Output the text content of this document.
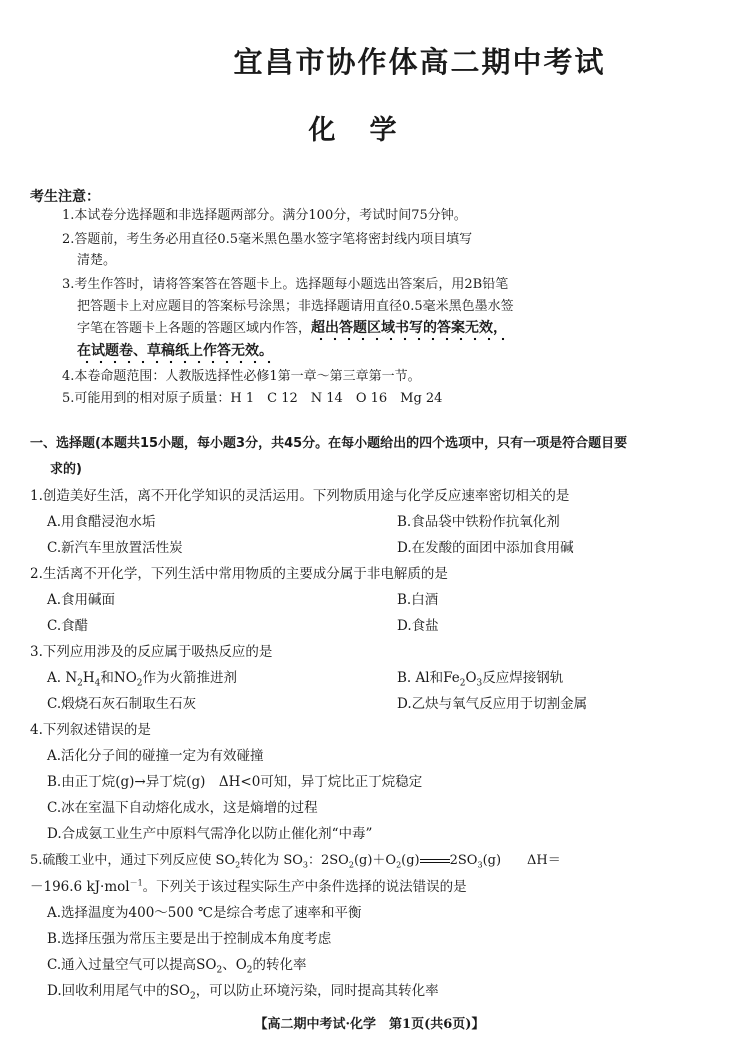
宜昌市协作体高二期中考试
化学
考生注意：
1.本试卷分选择题和非选择题两部分。满分100分，考试时间75分钟。
2.答题前，考生务必用直径0.5毫米黑色墨水签字笔将密封线内项目填写
清楚。
3.考生作答时，请将答案答在答题卡上。选择题每小题选出答案后，用2B铅笔
把答题卡上对应题目的答案标号涂黑；非选择题请用直径0.5毫米黑色墨水签
字笔在答题卡上各题的答题区域内作答，超出答题区域书写的答案无效，
在试题卷、草稿纸上作答无效。
4.本卷命题范围：人教版选择性必修1第一章～第三章第一节。
5.可能用到的相对原子质量：H 1　C 12　N 14　O 16　Mg 24
一、选择题(本题共15小题，每小题3分，共45分。在每小题给出的四个选项中，只有一项是符合题目要
求的)
1.创造美好生活，离不开化学知识的灵活运用。下列物质用途与化学反应速率密切相关的是
A.用食醋浸泡水垢	B.食品袋中铁粉作抗氧化剂
C.新汽车里放置活性炭	D.在发酸的面团中添加食用碱
2.生活离不开化学，下列生活中常用物质的主要成分属于非电解质的是
A.食用碱面	B.白酒
C.食醋	D.食盐
3.下列应用涉及的反应属于吸热反应的是
A. $N_2H_4$和$NO_2$作为火箭推进剂	B. Al和$Fe_2O_3$反应焊接钢轨
C.煅烧石灰石制取生石灰	D.乙炔与氧气反应用于切割金属
4.下列叙述错误的是
A.活化分子间的碰撞一定为有效碰撞
B.由正丁烷(g)→异丁烷(g)　ΔH<0可知，异丁烷比正丁烷稳定
C.冰在室温下自动熔化成水，这是熵增的过程
D.合成氨工业生产中原料气需净化以防止催化剂“中毒”
5.硫酸工业中，通过下列反应使 $SO_2$转化为 $SO_3$：$2SO_2(g)+O_2(g)$ $2SO_3(g)$　　ΔH＝
－196.6 kJ·mol$^{-1}$。下列关于该过程实际生产中条件选择的说法错误的是
A.选择温度为400～500 ℃是综合考虑了速率和平衡
B.选择压强为常压主要是出于控制成本角度考虑
C.通入过量空气可以提高$SO_2$、$O_2$的转化率
D.回收利用尾气中的$SO_2$，可以防止环境污染，同时提高其转化率
【高二期中考试·化学　第1页(共6页)】
